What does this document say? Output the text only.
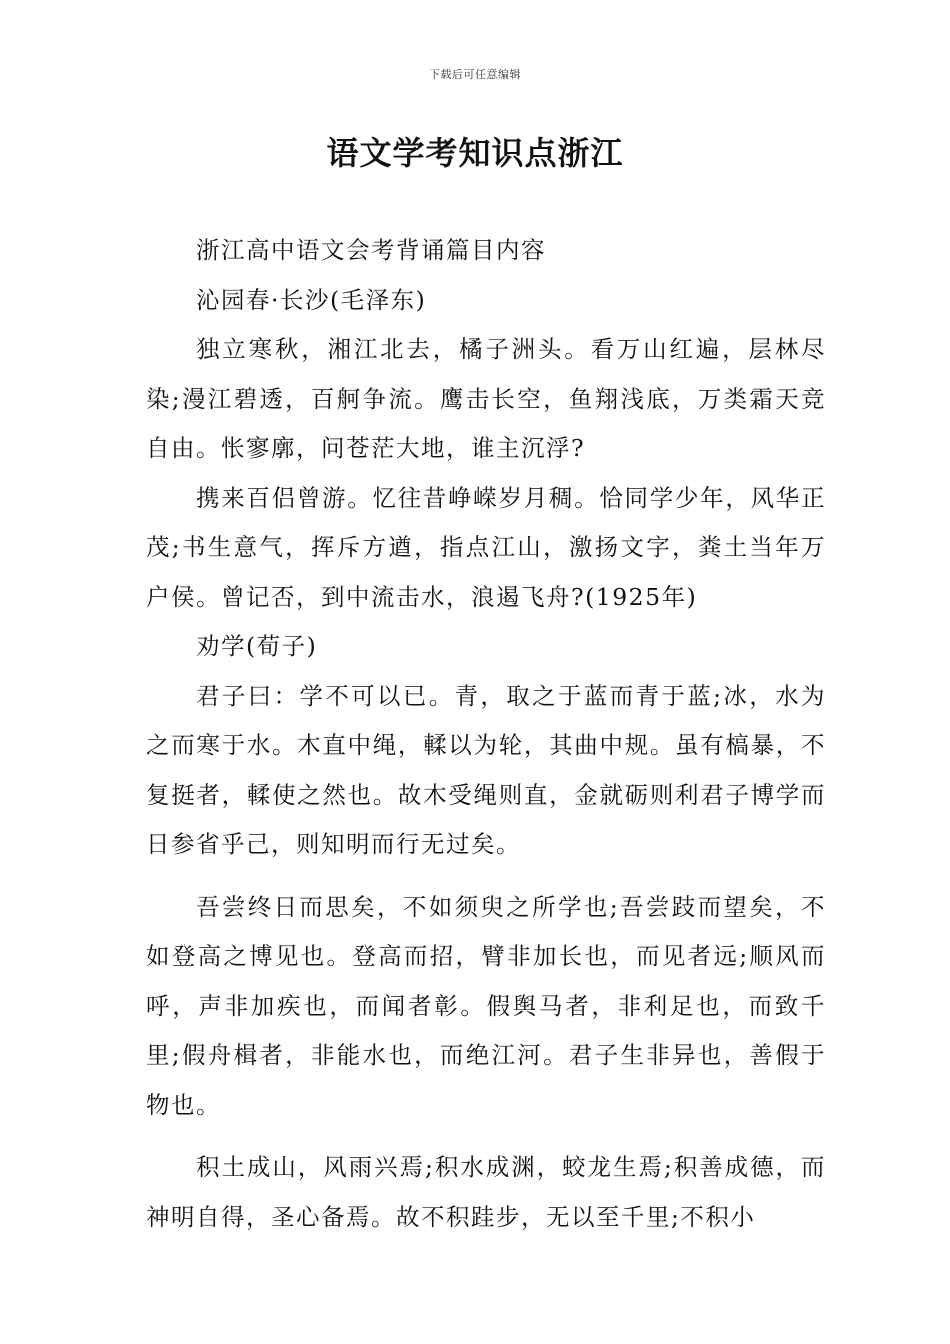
下载后可任意编辑
语文学考知识点浙江

浙江高中语文会考背诵篇目内容

沁园春·长沙(毛泽东)

独立寒秋，湘江北去，橘子洲头。看万山红遍，层林尽染;漫江碧透，百舸争流。鹰击长空，鱼翔浅底，万类霜天竞自由。怅寥廓，问苍茫大地，谁主沉浮?

携来百侣曾游。忆往昔峥嵘岁月稠。恰同学少年，风华正茂;书生意气，挥斥方遒，指点江山，激扬文字，粪土当年万户侯。曾记否，到中流击水，浪遏飞舟?(1925年)

劝学(荀子)

君子曰：学不可以已。青，取之于蓝而青于蓝;冰，水为之而寒于水。木直中绳，輮以为轮，其曲中规。虽有槁暴，不复挺者，輮使之然也。故木受绳则直，金就砺则利君子博学而日参省乎己，则知明而行无过矣。

吾尝终日而思矣，不如须臾之所学也;吾尝跂而望矣，不如登高之博见也。登高而招，臂非加长也，而见者远;顺风而呼，声非加疾也，而闻者彰。假舆马者，非利足也，而致千里;假舟楫者，非能水也，而绝江河。君子生非异也，善假于物也。

积土成山，风雨兴焉;积水成渊，蛟龙生焉;积善成德，而神明自得，圣心备焉。故不积跬步，无以至千里;不积小
